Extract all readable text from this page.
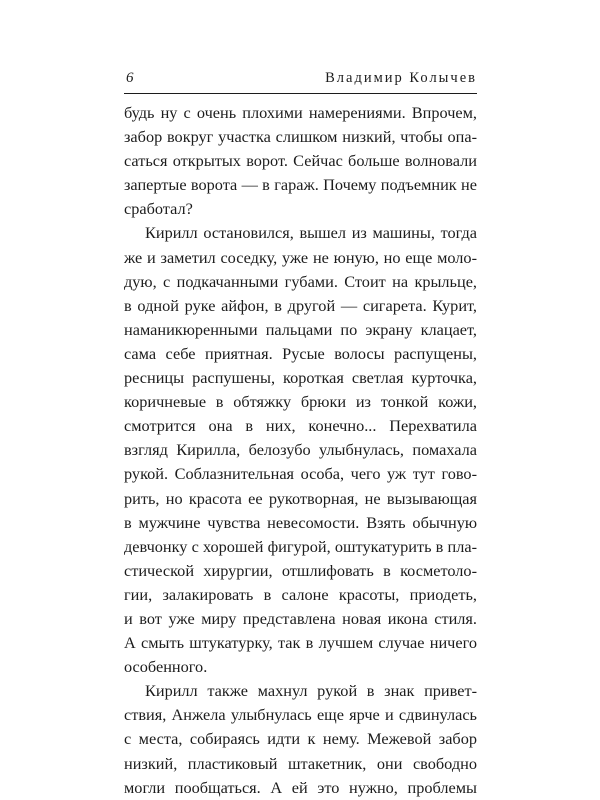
6	Владимир Колычев
будь ну с очень плохими намерениями. Впрочем,
забор вокруг участка слишком низкий, чтобы опа-
саться открытых ворот. Сейчас больше волновали
запертые ворота — в гараж. Почему подъемник не
сработал?
Кирилл остановился, вышел из машины, тогда
же и заметил соседку, уже не юную, но еще моло-
дую, с подкачанными губами. Стоит на крыльце,
в одной руке айфон, в другой — сигарета. Курит,
наманикюренными пальцами по экрану клацает,
сама себе приятная. Русые волосы распущены,
ресницы распушены, короткая светлая курточка,
коричневые в обтяжку брюки из тонкой кожи,
смотрится она в них, конечно... Перехватила
взгляд Кирилла, белозубо улыбнулась, помахала
рукой. Соблазнительная особа, чего уж тут гово-
рить, но красота ее рукотворная, не вызывающая
в мужчине чувства невесомости. Взять обычную
девчонку с хорошей фигурой, оштукатурить в пла-
стической хирургии, отшлифовать в косметоло-
гии, залакировать в салоне красоты, приодеть,
и вот уже миру представлена новая икона стиля.
А смыть штукатурку, так в лучшем случае ничего
особенного.
Кирилл также махнул рукой в знак привет-
ствия, Анжела улыбнулась еще ярче и сдвинулась
с места, собираясь идти к нему. Межевой забор
низкий, пластиковый штакетник, они свободно
могли пообщаться. А ей это нужно, проблемы
